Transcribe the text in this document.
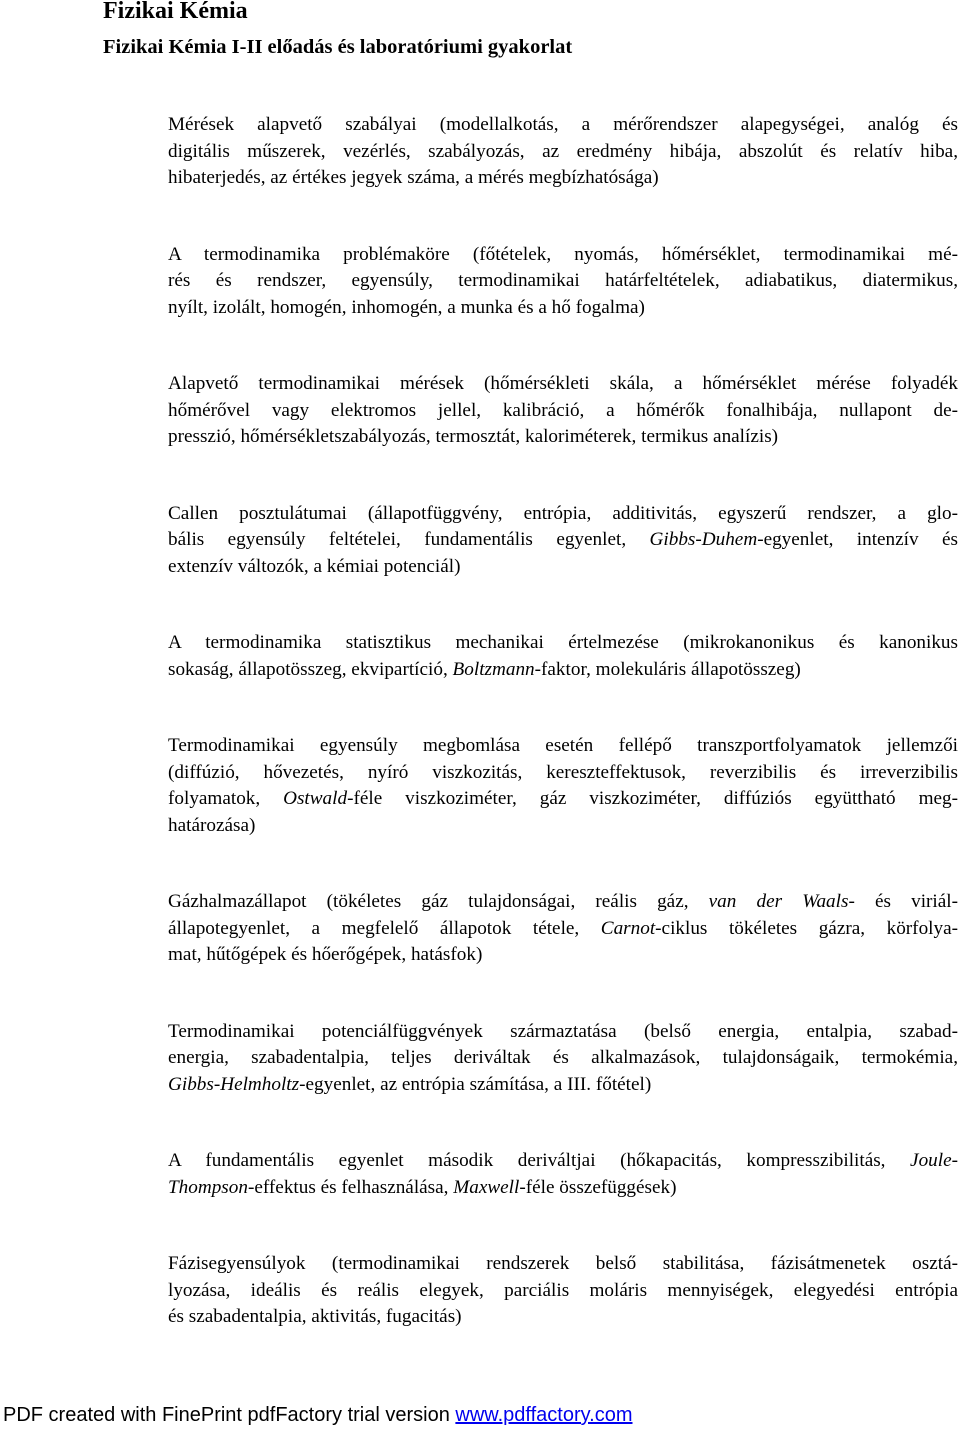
Fizikai Kémia
Fizikai Kémia I-II előadás és laboratóriumi gyakorlat
Mérések alapvető szabályai (modellalkotás, a mérőrendszer alapegységei, analóg és
digitális műszerek, vezérlés, szabályozás, az eredmény hibája, abszolút és relatív hiba,
hibaterjedés, az értékes jegyek száma, a mérés megbízhatósága)
A termodinamika problémaköre (főtételek, nyomás, hőmérséklet, termodinamikai mé-
rés és rendszer, egyensúly, termodinamikai határfeltételek, adiabatikus, diatermikus,
nyílt, izolált, homogén, inhomogén, a munka és a hő fogalma)
Alapvető termodinamikai mérések (hőmérsékleti skála, a hőmérséklet mérése folyadék
hőmérővel vagy elektromos jellel, kalibráció, a hőmérők fonalhibája, nullapont de-
presszió, hőmérsékletszabályozás, termosztát, kaloriméterek, termikus analízis)
Callen posztulátumai (állapotfüggvény, entrópia, additivitás, egyszerű rendszer, a glo-
bális egyensúly feltételei, fundamentális egyenlet, Gibbs-Duhem-egyenlet, intenzív és
extenzív változók, a kémiai potenciál)
A termodinamika statisztikus mechanikai értelmezése (mikrokanonikus és kanonikus
sokaság, állapotösszeg, ekvipartíció, Boltzmann-faktor, molekuláris állapotösszeg)
Termodinamikai egyensúly megbomlása esetén fellépő transzportfolyamatok jellemzői
(diffúzió, hővezetés, nyíró viszkozitás, kereszteffektusok, reverzibilis és irreverzibilis
folyamatok, Ostwald-féle viszkoziméter, gáz viszkoziméter, diffúziós együttható meg-
határozása)
Gázhalmazállapot (tökéletes gáz tulajdonságai, reális gáz, van der Waals- és viriál-
állapotegyenlet, a megfelelő állapotok tétele, Carnot-ciklus tökéletes gázra, körfolya-
mat, hűtőgépek és hőerőgépek, hatásfok)
Termodinamikai potenciálfüggvények származtatása (belső energia, entalpia, szabad-
energia, szabadentalpia, teljes deriváltak és alkalmazások, tulajdonságaik, termokémia,
Gibbs-Helmholtz-egyenlet, az entrópia számítása, a III. főtétel)
A fundamentális egyenlet második deriváltjai (hőkapacitás, kompresszibilitás, Joule-
Thompson-effektus és felhasználása, Maxwell-féle összefüggések)
Fázisegyensúlyok (termodinamikai rendszerek belső stabilitása, fázisátmenetek osztá-
lyozása, ideális és reális elegyek, parciális moláris mennyiségek, elegyedési entrópia
és szabadentalpia, aktivitás, fugacitás)
PDF created with FinePrint pdfFactory trial version www.pdffactory.com
